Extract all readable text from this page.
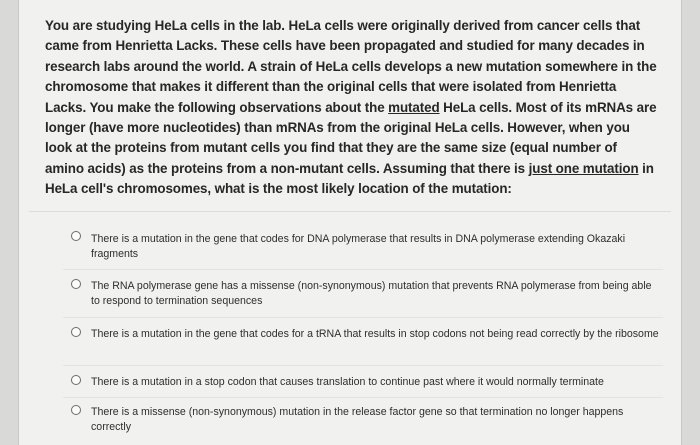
You are studying HeLa cells in the lab. HeLa cells were originally derived from cancer cells that came from Henrietta Lacks. These cells have been propagated and studied for many decades in research labs around the world. A strain of HeLa cells develops a new mutation somewhere in the chromosome that makes it different than the original cells that were isolated from Henrietta Lacks. You make the following observations about the mutated HeLa cells. Most of its mRNAs are longer (have more nucleotides) than mRNAs from the original HeLa cells. However, when you look at the proteins from mutant cells you find that they are the same size (equal number of amino acids) as the proteins from a non-mutant cells. Assuming that there is just one mutation in HeLa cell's chromosomes, what is the most likely location of the mutation:
There is a mutation in the gene that codes for DNA polymerase that results in DNA polymerase extending Okazaki fragments
The RNA polymerase gene has a missense (non-synonymous) mutation that prevents RNA polymerase from being able to respond to termination sequences
There is a mutation in the gene that codes for a tRNA that results in stop codons not being read correctly by the ribosome
There is a mutation in a stop codon that causes translation to continue past where it would normally terminate
There is a missense (non-synonymous) mutation in the release factor gene so that termination no longer happens correctly
